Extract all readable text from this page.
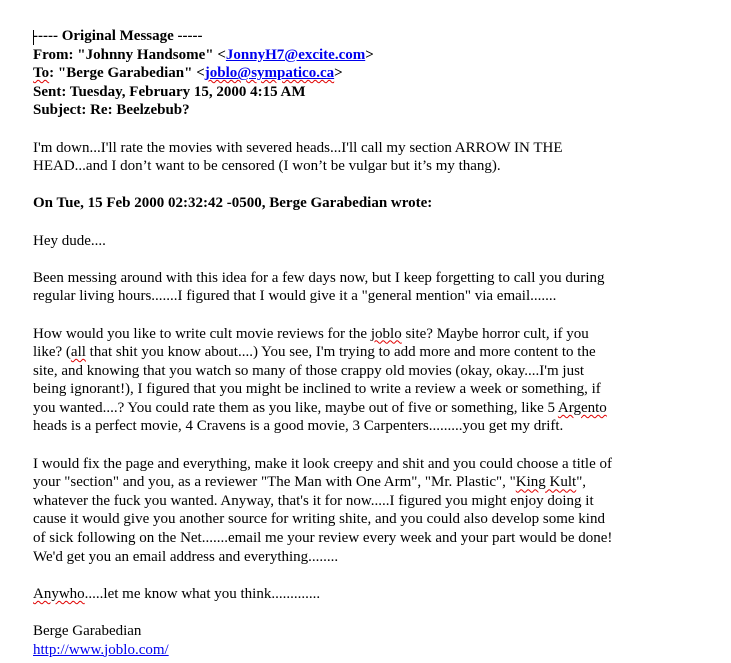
----- Original Message -----
From: "Johnny Handsome" <JonnyH7@excite.com>
To: "Berge Garabedian" <joblo@sympatico.ca>
Sent: Tuesday, February 15, 2000 4:15 AM
Subject: Re: Beelzebub?
I'm down...I'll rate the movies with severed heads...I'll call my section ARROW IN THE
HEAD...and I don’t want to be censored (I won’t be vulgar but it’s my thang).
On Tue, 15 Feb 2000 02:32:42 -0500, Berge Garabedian wrote:
Hey dude....
Been messing around with this idea for a few days now, but I keep forgetting to call you during
regular living hours.......I figured that I would give it a "general mention" via email.......
How would you like to write cult movie reviews for the joblo site? Maybe horror cult, if you
like? (all that shit you know about....) You see, I'm trying to add more and more content to the
site, and knowing that you watch so many of those crappy old movies (okay, okay....I'm just
being ignorant!), I figured that you might be inclined to write a review a week or something, if
you wanted....? You could rate them as you like, maybe out of five or something, like 5 Argento
heads is a perfect movie, 4 Cravens is a good movie, 3 Carpenters.........you get my drift.
I would fix the page and everything, make it look creepy and shit and you could choose a title of
your "section" and you, as a reviewer "The Man with One Arm", "Mr. Plastic", "King Kult",
whatever the fuck you wanted. Anyway, that's it for now.....I figured you might enjoy doing it
cause it would give you another source for writing shite, and you could also develop some kind
of sick following on the Net.......email me your review every week and your part would be done!
We'd get you an email address and everything........
Anywho.....let me know what you think.............
Berge Garabedian
http://www.joblo.com/
